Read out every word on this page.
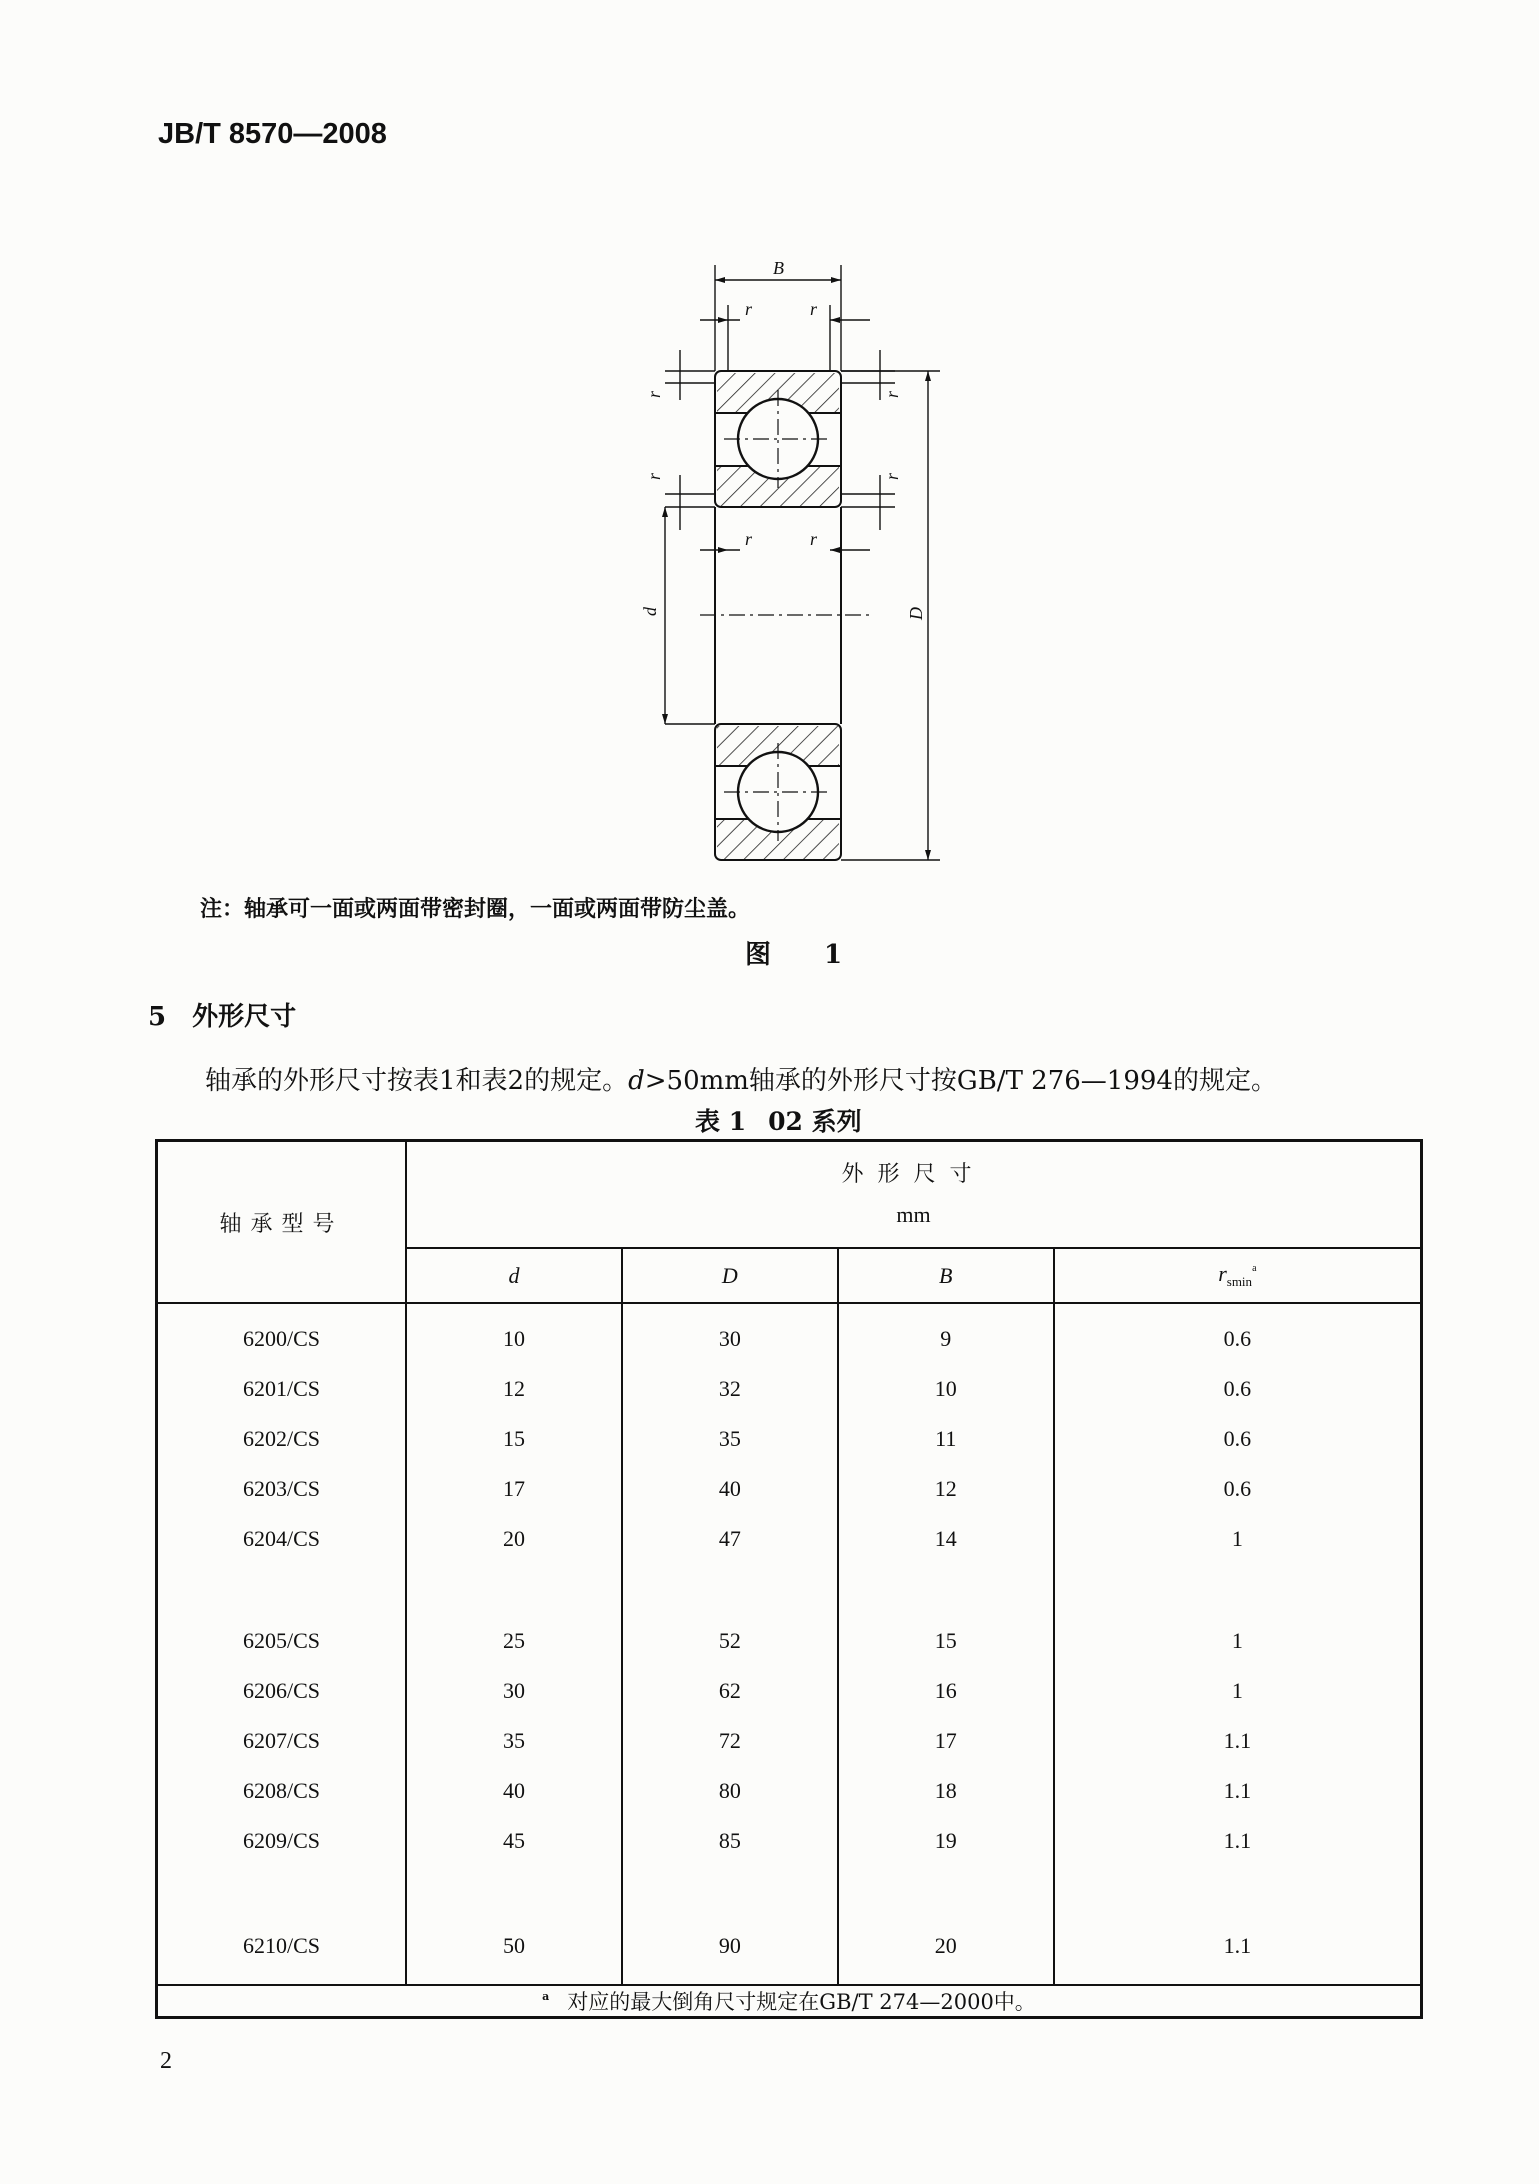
JB/T 8570—2008
B
r	r
r	r
r
r
r
r
d	D
注：轴承可一面或两面带密封圈，一面或两面带防尘盖。
图 1
5 外形尺寸
轴承的外形尺寸按表1和表2的规定。d>50mm轴承的外形尺寸按GB/T 276—1994的规定。
表 1 02 系列
轴承型号	外形尺寸
mm			

	d	D	B	$r_{smin}^a$
6200/CS	10	30	9	0.6
6201/CS	12	32	10	0.6
6202/CS	15	35	11	0.6
6203/CS	17	40	12	0.6
6204/CS	20	47	14	1

6205/CS	25	52	15	1
6206/CS	30	62	16	1
6207/CS	35	72	17	1.1
6208/CS	40	80	18	1.1
6209/CS	45	85	19	1.1

6210/CS	50	90	20	1.1
$^a$ 对应的最大倒角尺寸规定在GB/T 274—2000中。				
2
